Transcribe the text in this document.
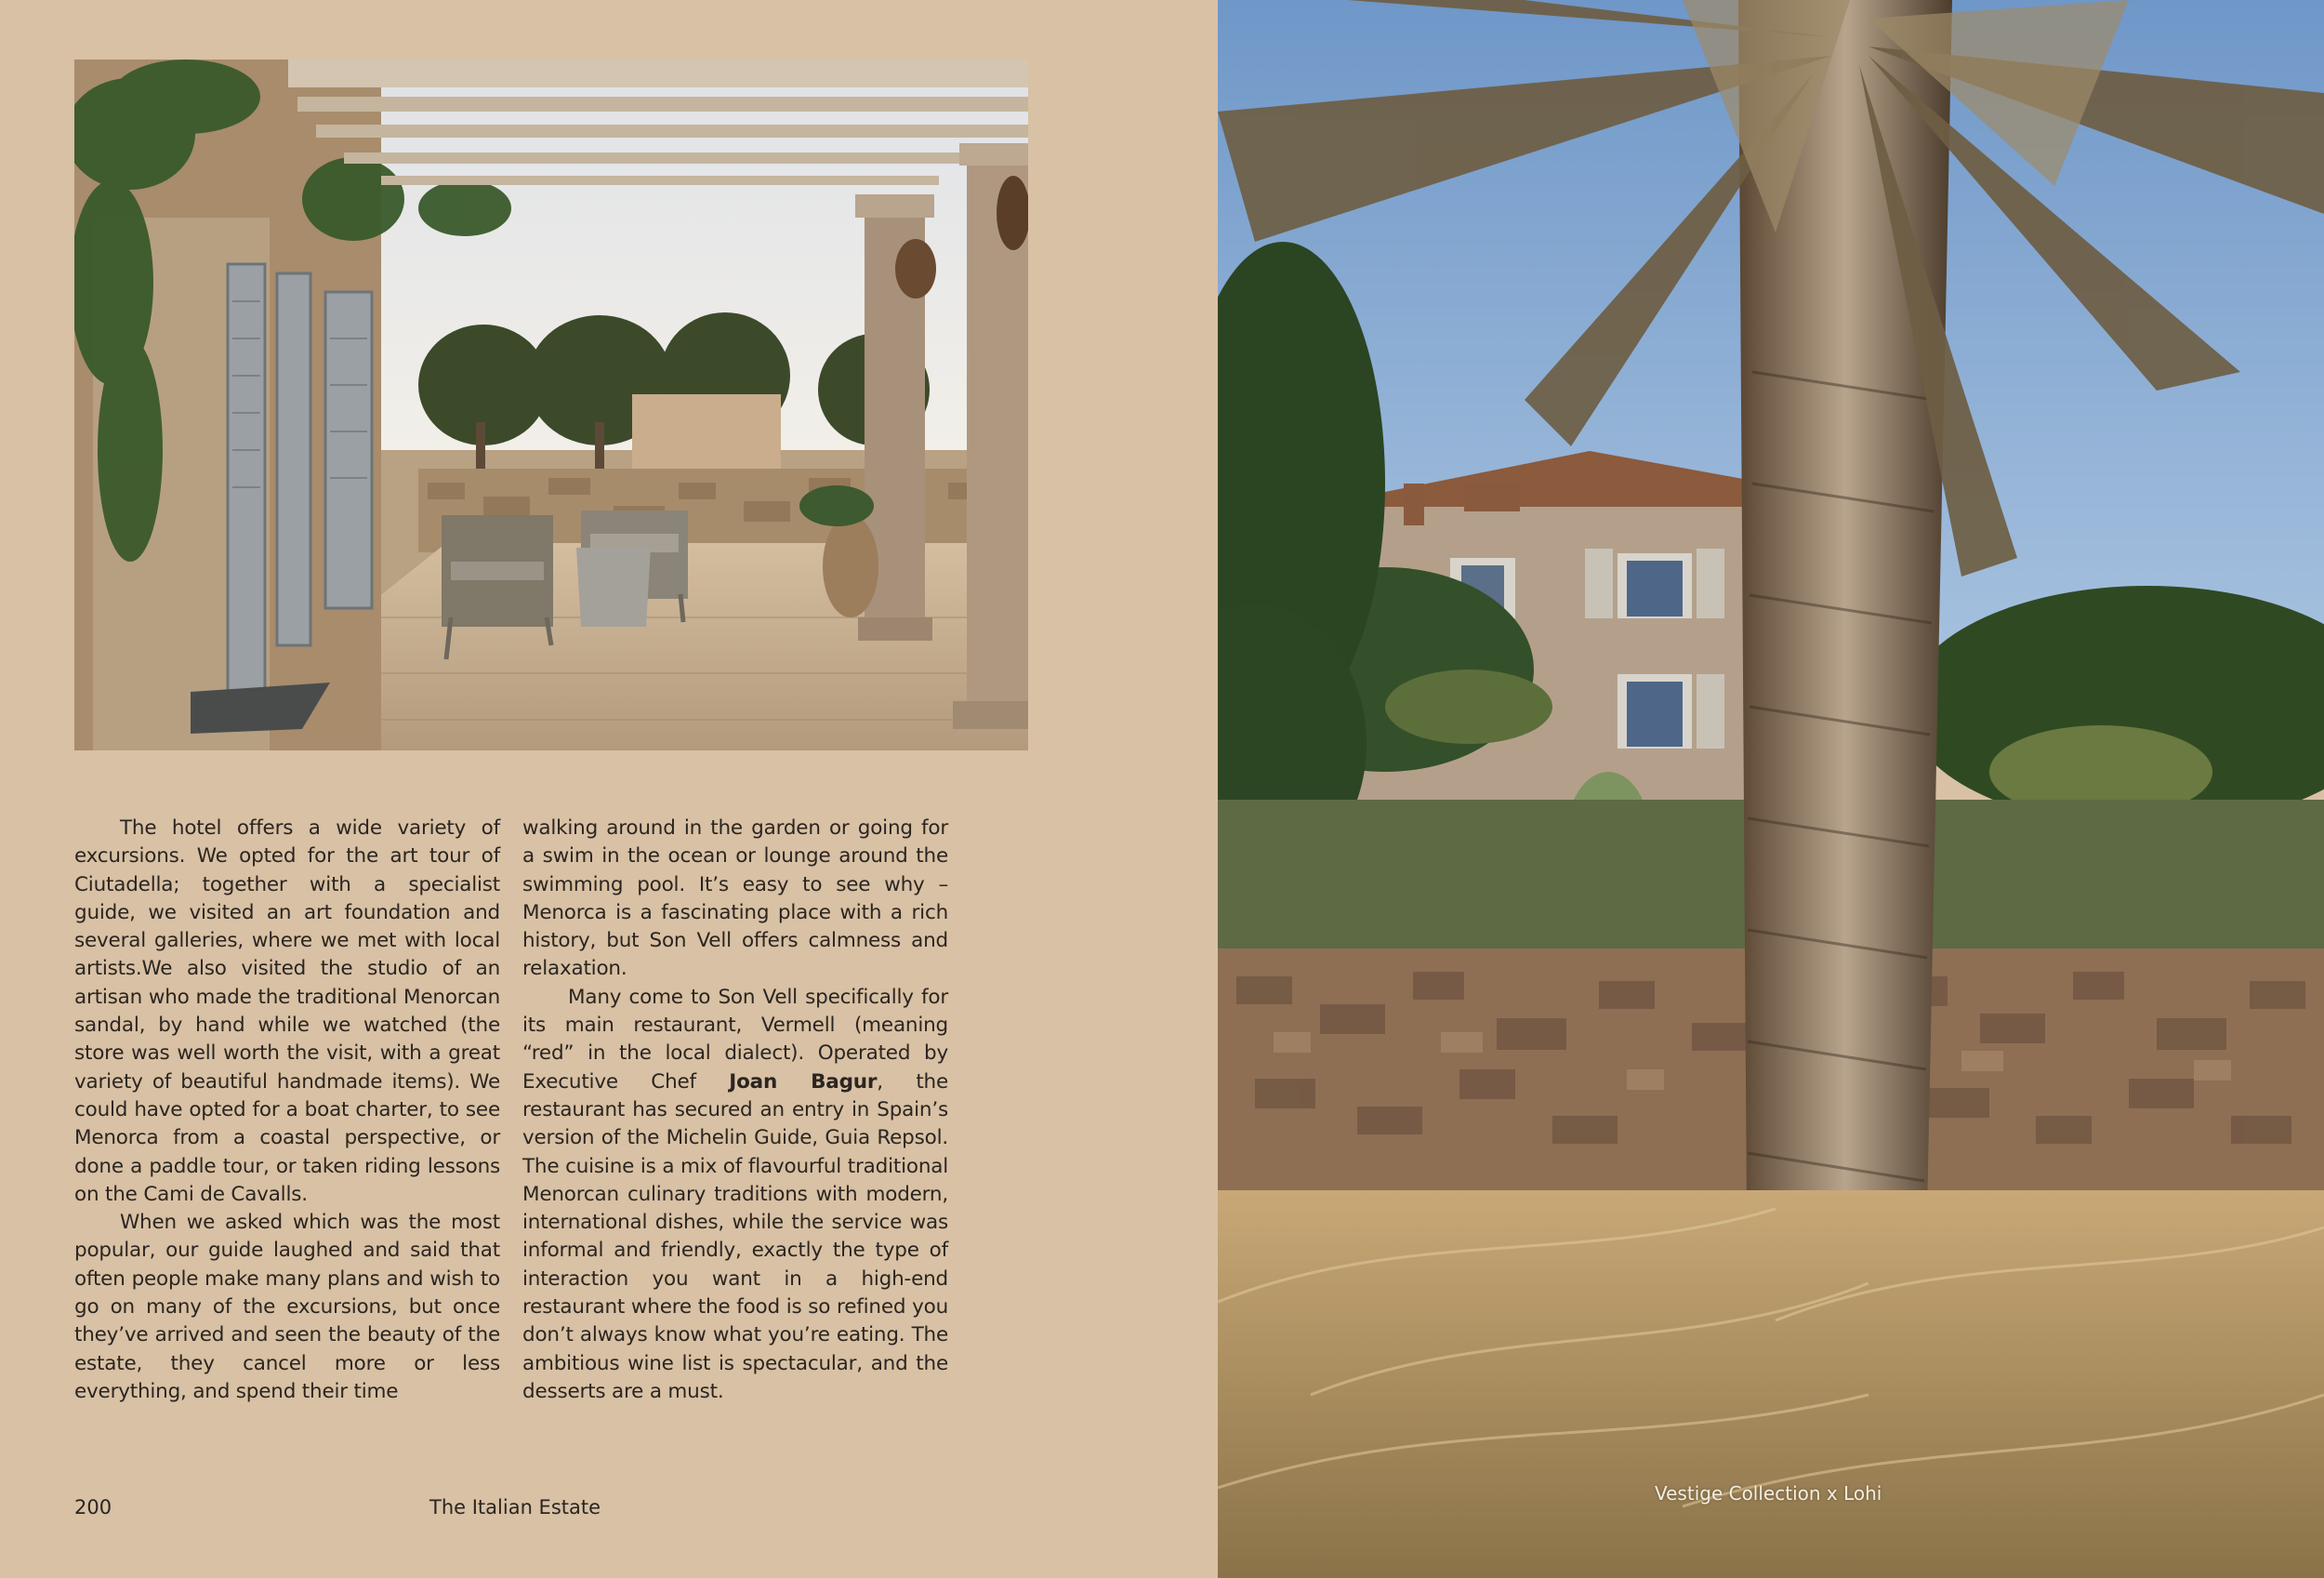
The hotel offers a wide variety of excursions. We opted for the art tour of Ciutadella; together with a specialist guide, we visited an art foundation and several galleries, where we met with local artists.We also visited the studio of an artisan who made the traditional Menorcan sandal, by hand while we watched (the store was well worth the visit, with a great variety of beautiful handmade items). We could have opted for a boat charter, to see Menorca from a coastal perspective, or done a paddle tour, or taken riding lessons on the Cami de Cavalls.

When we asked which was the most popular, our guide laughed and said that often people make many plans and wish to go on many of the excursions, but once they’ve arrived and seen the beauty of the estate, they cancel more or less everything, and spend their time

walking around in the garden or going for a swim in the ocean or lounge around the swimming pool. It’s easy to see why – Menorca is a fascinating place with a rich history, but Son Vell offers calmness and relaxation.

Many come to Son Vell specifically for its main restaurant, Vermell (meaning “red” in the local dialect). Operated by Executive Chef Joan Bagur, the restaurant has secured an entry in Spain’s version of the Michelin Guide, Guia Repsol. The cuisine is a mix of flavourful traditional Menorcan culinary traditions with modern, international dishes, while the service was informal and friendly, exactly the type of interaction you want in a high-end restaurant where the food is so refined you don’t always know what you’re eating. The ambitious wine list is spectacular, and the desserts are a must.

200	The Italian Estate
Vestige Collection x Lohi
